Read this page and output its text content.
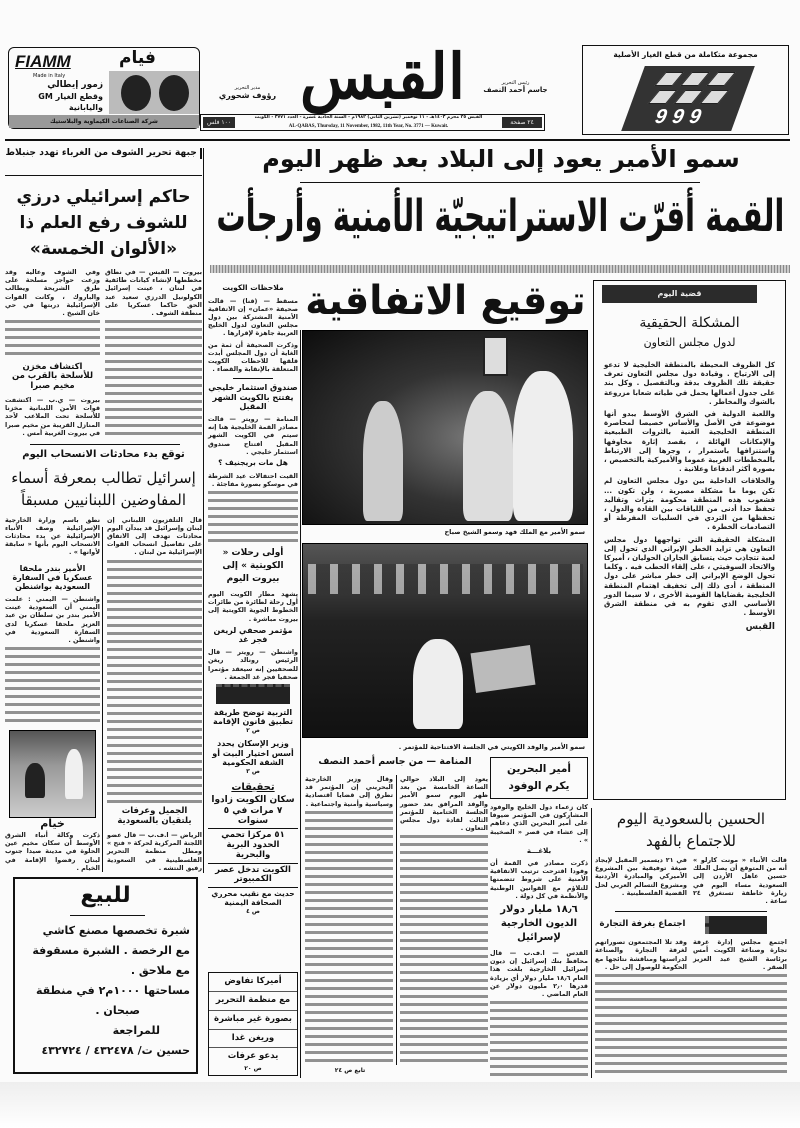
FIAMM
Made in Italy
فيام
زمور إيطالي
وقطع الغيار GM
واليابانية
شركة الصناعات الكيماوية والبلاستيك
مدير التحرير
رؤوف شحوري القبس	رئيس التحرير
جاسم أحمد النصف
١٠٠ فلس	٢٤ صفحة
القبس ٢٥ محرم ١٤٠٣هـ - ١١ نوفمبر (تشرين الثاني) ١٩٨٢م - السنة الحادية عشرة - العدد ٣٧٧١ - الكويت
AL-QABAS, Thursday, 11 November, 1982, 11th Year, No. 3771 — Kuwait.
مجموعة متكاملة من قطع الغيار الأصلية
999
سمو الأمير يعود إلى البلاد بعد ظهر اليوم
القمة أقرّت الاستراتيجيّة الأمنية وأرجأت
توقيع الاتفاقية
جبهة تحرير الشوف من الغرباء تهدد جنبلاط
حاكم إسرائيلي درزي للشوف رفع العلم ذا «الألوان الخمسة»

وفي الشوف وعاليه وقد وزعت حواجز مسلحة على طرق الشريحة ويطالب والباروك ، وكانت القوات الإسرائيلية دربتها في حي خان الشيخ .

اكتشاف مخزن للأسلحة بالقرب من مخيم صبرا

بيروت — ي.ب — اكتشفت قوات الأمن اللبنانية مخزنا للأسلحة تحت الملاعب لأحد المنازل القريبة من مخيم صبرا في بيروت الغربية أمس .

بيروت — القبس — في نطاق مخططها لإنشاء كيانات طائفية في لبنان ، عينت إسرائيل الكولونيل الدرزي سعيد عبد الحق حاكما عسكريا على منطقة الشوف .

توقع بدء محادثات الانسحاب اليوم
إسرائيل تطالب بمعرفة أسماء المفاوضين اللبنانيين مسبقاً

نطق باسم وزارة الخارجية الإسرائيلية وصف الأنباء الإسرائيلية عن بدء محادثات الانسحاب اليوم بأنها « سابقة لأوانها » .

الأمير بندر ملحقا عسكريا في السفارة السعودية بواشنطن

واشنطن — اليمني : علمت اليمني أن السعودية عينت الأمير بندر بن سلطان بن عبد العزيز ملحقا عسكريا لدى السفارة السعودية في واشنطن .

خيام

ذكرت وكالة أنباء الشرق الأوسط أن سكان مخيم عين الحلوة في مدينة صيدا جنوب لبنان رفضوا الإقامة في الخيام .

قال التلفزيون اللبناني إن لبنان وإسرائيل قد يبدآن اليوم محادثات تهدف إلى الاتفاق على تفاصيل انسحاب القوات الإسرائيلية من لبنان .

الجميل وعرفات يلتقيان بالسعودية

الرياض — ا.ف.ب — قال عضو اللجنة المركزية لحركة « فتح » ومطل منظمة التحرير الفلسطينية في السعودية رفيق النتشه .

للبيع
شبرة تخصصها مصنع كاشي
مع الرخصة . الشبرة مسقوفة
مع ملاحق .
مساحتها ١٠٠٠م٢ في منطقة
صبحان .
للمراجعة
حسين ت/ ٤٣٢٤٧٨ / ٤٣٢٧٢٤
ملاحظات الكويت

مسقط — (قنا) — قالت صحيفة «عمان» إن الاتفاقية الأمنية المشتركة بين دول مجلس التعاون لدول الخليج العربية جاهزة لإقرارها .

وذكرت الصحيفة أن ثمة من الغاية أن دول المجلس أبدت قلقها للاحظات الكويت المتعلقة بالإنقابة والقضاء .

صندوق استثمار خليجي يفتتح بالكويت الشهر المقبل

المنامة — رويتر — قالت مصادر القمة الخليجية هنا إنه سيتم في الكويت الشهر المقبل افتتاح صندوق استثمار خليجي .

هل مات بريجنيف ؟

القيت احتفالات عيد الشرطة في موسكو بصورة مفاجئة .

أولى رحلات « الكويتية » إلى بيروت اليوم

يشهد مطار الكويت اليوم أول رحلة لطائرة من طائرات الخطوط الجوية الكويتية إلى بيروت مباشرة .

مؤتمر صحفي لريغن فجر غد

واشنطن — رويتر — قال الرئيس رونالد ريغن للصحفيين إنه سيعقد مؤتمرا صحفيا فجر غد الجمعة .

التربية توضح طريقة تطبيق قانون الإقامة
ص ٢
وزير الإسكان يحدد أسس اختيار البيت أو الشقة الحكومية
ص ٣
تحقيقات
سكان الكويت زادوا ٧ مرات في ٥ سنوات
٥١ مركزا تحمي الحدود البرية والبحرية
الكويت تدخل عصر الكمبيوتر
حديث مع نقيب محرري الصحافة اليمنية
ص ٤
أميركا تفاوض
مع منظمة التحرير
بصورة غير مباشرة
وريغن غدا
يدعو عرفات
ص ٢٠
سمو الأمير مع الملك فهد وسمو الشيخ صباح
سمو الأمير والوفد الكويتي في الجلسة الافتتاحية للمؤتمر .
المنامة — من جاسم أحمد النصف

وقال وزير الخارجية البحريني إن المؤتمر قد تطرق إلى قضايا اقتصادية وسياسية وأمنية واجتماعية .

يعود إلى البلاد حوالي الساعة الخامسة من بعد ظهر اليوم سمو الأمير والوفد المرافق بعد حضور الجلسة الختامية للمؤتمر الثالث لقادة دول مجلس التعاون .

تابع ص ٢٤
أمير البحرين يكرم الوفود

كان زعماء دول الخليج والوفود المشاركون في المؤتمر ضيوفا على أمير البحرين الذي دعاهم إلى عشاء في قصر « الصخيبة » .

بلاغـــة

ذكرت مصادر في القمة أن وفودا اقترحت ترتيب الاتفاقية الأمنية على شروط تتضمنها للتلاؤم مع القوانين الوطنية والأنظمة في كل دولة .

١٨٫٦ مليار دولار الديون الخارجية لإسرائيل

القدس — ا.ف.ب — قال محافظ بنك إسرائيل إن ديون إسرائيل الخارجية بلغت هذا العام ١٨٫٦ مليار دولار أي بزيادة قدرها ٢٫٠ مليون دولار عن العام الماضي .

قضية اليوم
المشكلة الحقيقية
لدول مجلس التعاون

كل الظروف المحيطة بالمنطقة الخليجية لا تدعو إلى الارتياح . وقيادة دول مجلس التعاون تعرف حقيقة تلك الظروف بدقة وبالتفصيل . وكل بند على جدول أعمالها يحمل في طياته شعابا مزروعة بالشوك والمخاطر .

واللعبة الدولية في الشرق الأوسط يبدو أنها موضوعة في الأصل والأساس خصيصا لمحاصرة المنطقة الخليجية الغنية بالثروات الطبيعية والإمكانات الهائلة ، بقصد إثارة مخاوفها واستنزافها باستمرار ، وجرها إلى الارتباط بالمخططات الغربية عموما والأميركية بالتخصيص ، بصورة أكثر اندفاعا وعلانية .

والخلافات الداخلية بين دول مجلس التعاون لم تكن يوما ما مشكلة مصيرية ، ولن تكون ... فشعوب هذه المنطقة محكومة بتراث وتقاليد تحفظ حدا أدنى من اللياقات بين القادة والدول ، تحفظها من التردي في السلبيات المفرطة أو التصادمات الخطرة .

المشكلة الحقيقية التي تواجهها دول مجلس التعاون هي تزايد الخطر الإيراني الذي تحول إلى لعبة تتجاذب حيث يتسابق الجاران الحوليان ، أميركا والاتحاد السوفيتي ، على إلقاء الحطب فيه . وكلما تحول الوضع الإيراني إلى خطر مباشر على دول المنطقة ، أدى ذلك إلى تخفيف اهتمام المنطقة الخليجية بقضاياها القومية الأخرى ، لا سيما الدور الأساسي الذي تقوم به في منطقة الشرق الأوسط .

القبس

الحسين بالسعودية اليوم للاجتماع بالفهد

في ٢١ ديسمبر المقبل لإيجاد صيغة توفيقية بين المشروع الأميركي والمبادرة الأردنية ومشروع التسالم العربي لحل القضية الفلسطينية .

قالت الأنباء « مونت كارلو » أنه من المتوقع أن يصل الملك حسين عاهل الأردن إلى السعودية مساء اليوم في زيارة خاطفة تستغرق ٢٤ ساعة .

اجتماع بغرفة التجارة

وقد تلا المجتمعون تصوراتهم لغرفة التجارة والصناعة لدراستها ومناقشة نتائجها مع الحكومة للوصول إلى حل .

اجتمع مجلس إدارة غرفة تجارة وصناعة الكويت أمس برئاسة الشيخ عبد العزيز الصقر .
